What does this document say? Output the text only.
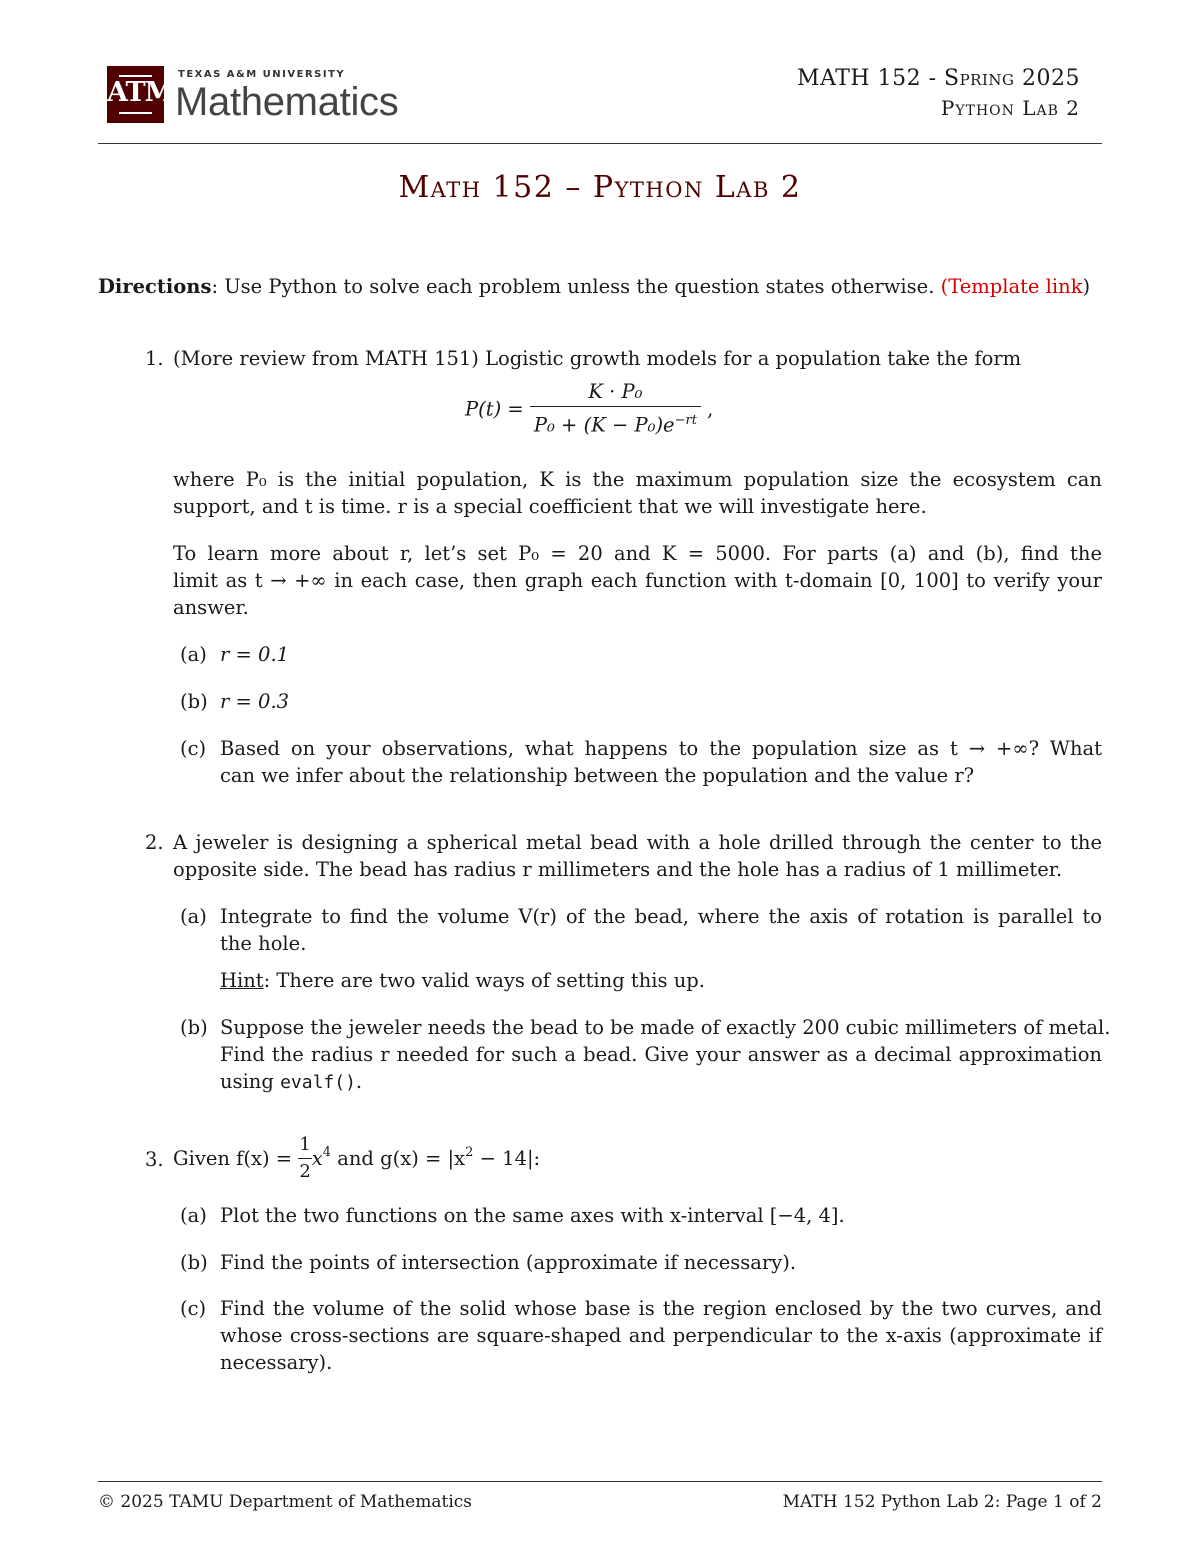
ATM
TEXAS A&M UNIVERSITY
Mathematics
MATH 152 - Spring 2025
Python Lab 2
Math 152 – Python Lab 2
Directions: Use Python to solve each problem unless the question states otherwise. (Template link)
1. (More review from MATH 151) Logistic growth models for a population take the form
$P(t) = \frac{\text{K · P₀}}{P_0 + (K - P_0)e^{-rt}}$ ,
where P₀ is the initial population, K is the maximum population size the ecosystem can
support, and t is time. r is a special coefficient that we will investigate here.
To learn more about r, let’s set P₀ = 20 and K = 5000. For parts (a) and (b), find the
limit as t → +∞ in each case, then graph each function with t-domain [0, 100] to verify your
answer.
(a) r = 0.1
(b) r = 0.3
(c) Based on your observations, what happens to the population size as t → +∞? What
can we infer about the relationship between the population and the value r?
2. A jeweler is designing a spherical metal bead with a hole drilled through the center to the
opposite side. The bead has radius r millimeters and the hole has a radius of 1 millimeter.
(a) Integrate to find the volume V(r) of the bead, where the axis of rotation is parallel to
the hole.
Hint: There are two valid ways of setting this up.
(b) Suppose the jeweler needs the bead to be made of exactly 200 cubic millimeters of metal.
Find the radius r needed for such a bead. Give your answer as a decimal approximation
using evalf().
3. Given $f(x) = \frac{1}{2} x^4$ and $g(x) = |x^2 - 14|$:
(a) Plot the two functions on the same axes with x-interval [−4, 4].
(b) Find the points of intersection (approximate if necessary).
(c) Find the volume of the solid whose base is the region enclosed by the two curves, and
whose cross-sections are square-shaped and perpendicular to the x-axis (approximate if
necessary).
© 2025 TAMU Department of Mathematics	MATH 152 Python Lab 2: Page 1 of 2
